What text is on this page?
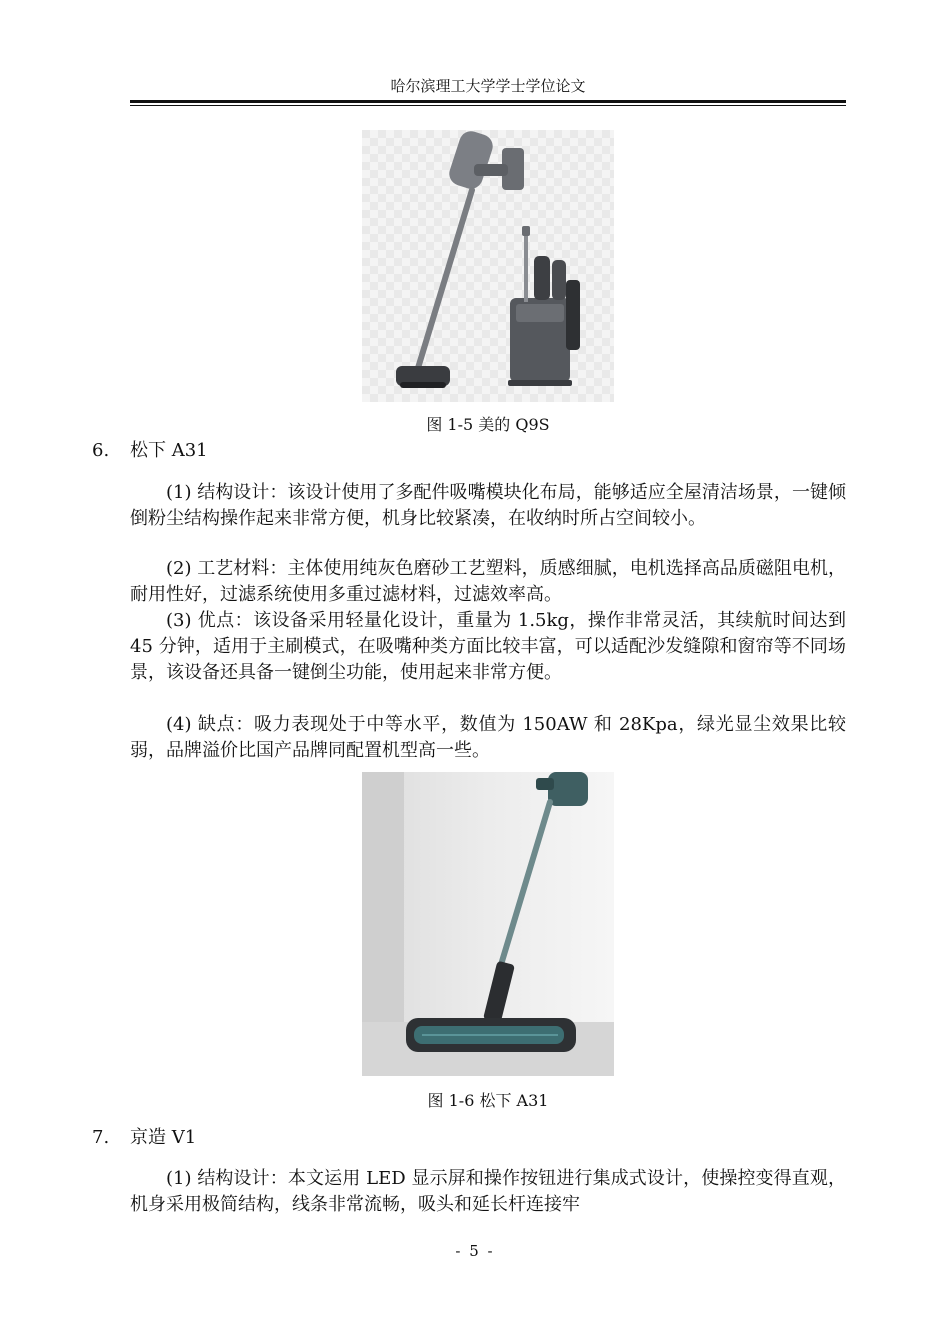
哈尔滨理工大学学士学位论文
图 1-5 美的 Q9S
6. 松下 A31

(1) 结构设计：该设计使用了多配件吸嘴模块化布局，能够适应全屋清洁场景，一键倾倒粉尘结构操作起来非常方便，机身比较紧凑，在收纳时所占空间较小。

(2) 工艺材料：主体使用纯灰色磨砂工艺塑料，质感细腻，电机选择高品质磁阻电机，耐用性好，过滤系统使用多重过滤材料，过滤效率高。

(3) 优点：该设备采用轻量化设计，重量为 1.5kg，操作非常灵活，其续航时间达到 45 分钟，适用于主刷模式，在吸嘴种类方面比较丰富，可以适配沙发缝隙和窗帘等不同场景，该设备还具备一键倒尘功能，使用起来非常方便。

(4) 缺点：吸力表现处于中等水平，数值为 150AW 和 28Kpa，绿光显尘效果比较弱，品牌溢价比国产品牌同配置机型高一些。

图 1-6 松下 A31
7. 京造 V1

(1) 结构设计：本文运用 LED 显示屏和操作按钮进行集成式设计，使操控变得直观，机身采用极简结构，线条非常流畅，吸头和延长杆连接牢

- 5 -
